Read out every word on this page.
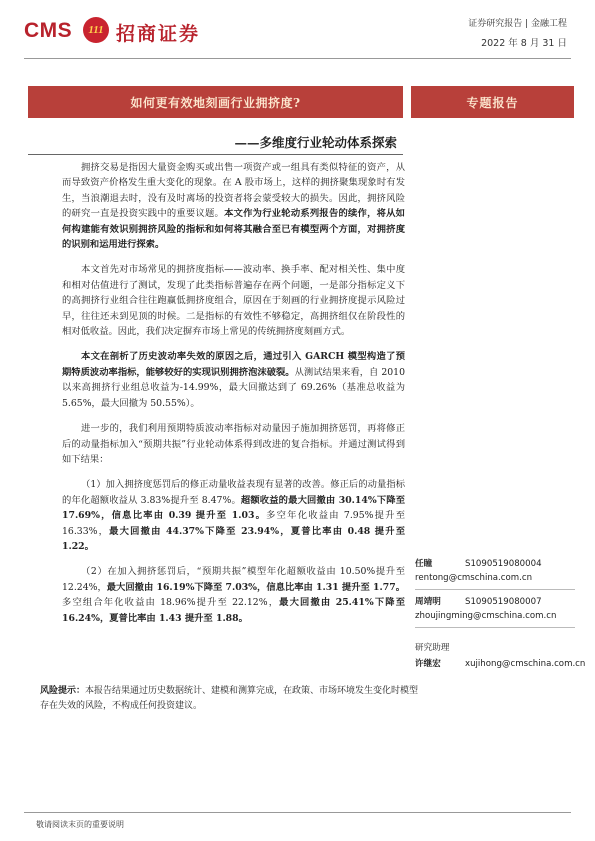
CMS	111 招商证券	证券研究报告 | 金融工程
2022 年 8 月 31 日
如何更有效地刻画行业拥挤度?
——多维度行业轮动体系探索
专题报告

拥挤交易是指因大量资金购买或出售一项资产或一组具有类似特征的资产，从而导致资产价格发生重大变化的现象。在 A 股市场上，这样的拥挤聚集现象时有发生，当浪潮退去时，没有及时离场的投资者将会蒙受较大的损失。因此，拥挤风险的研究一直是投资实践中的重要议题。本文作为行业轮动系列报告的续作，将从如何构建能有效识别拥挤风险的指标和如何将其融合至已有模型两个方面，对拥挤度的识别和运用进行探索。

本文首先对市场常见的拥挤度指标——波动率、换手率、配对相关性、集中度和相对估值进行了测试，发现了此类指标普遍存在两个问题，一是部分指标定义下的高拥挤行业组合往往跑赢低拥挤度组合，原因在于刻画的行业拥挤度提示风险过早，往往还未到见顶的时候。二是指标的有效性不够稳定，高拥挤组仅在阶段性的相对低收益。因此，我们决定摒弃市场上常见的传统拥挤度刻画方式。

本文在剖析了历史波动率失效的原因之后，通过引入 GARCH 模型构造了预期特质波动率指标，能够较好的实现识别拥挤泡沫破裂。从测试结果来看，自 2010 以来高拥挤行业组总收益为-14.99%，最大回撤达到了 69.26%（基准总收益为 5.65%，最大回撤为 50.55%）。

进一步的，我们利用预期特质波动率指标对动量因子施加拥挤惩罚，再将修正后的动量指标加入“预期共振”行业轮动体系得到改进的复合指标。并通过测试得到如下结果：

（1）加入拥挤度惩罚后的修正动量收益表现有显著的改善。修正后的动量指标的年化超额收益从 3.83%提升至 8.47%。超额收益的最大回撤由 30.14%下降至 17.69%，信息比率由 0.39 提升至 1.03。多空年化收益由 7.95%提升至 16.33%，最大回撤由 44.37%下降至 23.94%，夏普比率由 0.48 提升至 1.22。

（2）在加入拥挤惩罚后，“预期共振”模型年化超额收益由 10.50%提升至 12.24%，最大回撤由 16.19%下降至 7.03%，信息比率由 1.31 提升至 1.77。多空组合年化收益由 18.96%提升至 22.12%，最大回撤由 25.41%下降至 16.24%，夏普比率由 1.43 提升至 1.88。

任瞳	S1090519080004
rentong@cmschina.com.cn
周靖明	S1090519080007
zhoujingming@cmschina.com.cn
研究助理
许继宏	xujihong@cmschina.com.cn
风险提示：本报告结果通过历史数据统计、建模和测算完成，在政策、市场环境发生变化时模型存在失效的风险，不构成任何投资建议。
敬请阅读末页的重要说明
